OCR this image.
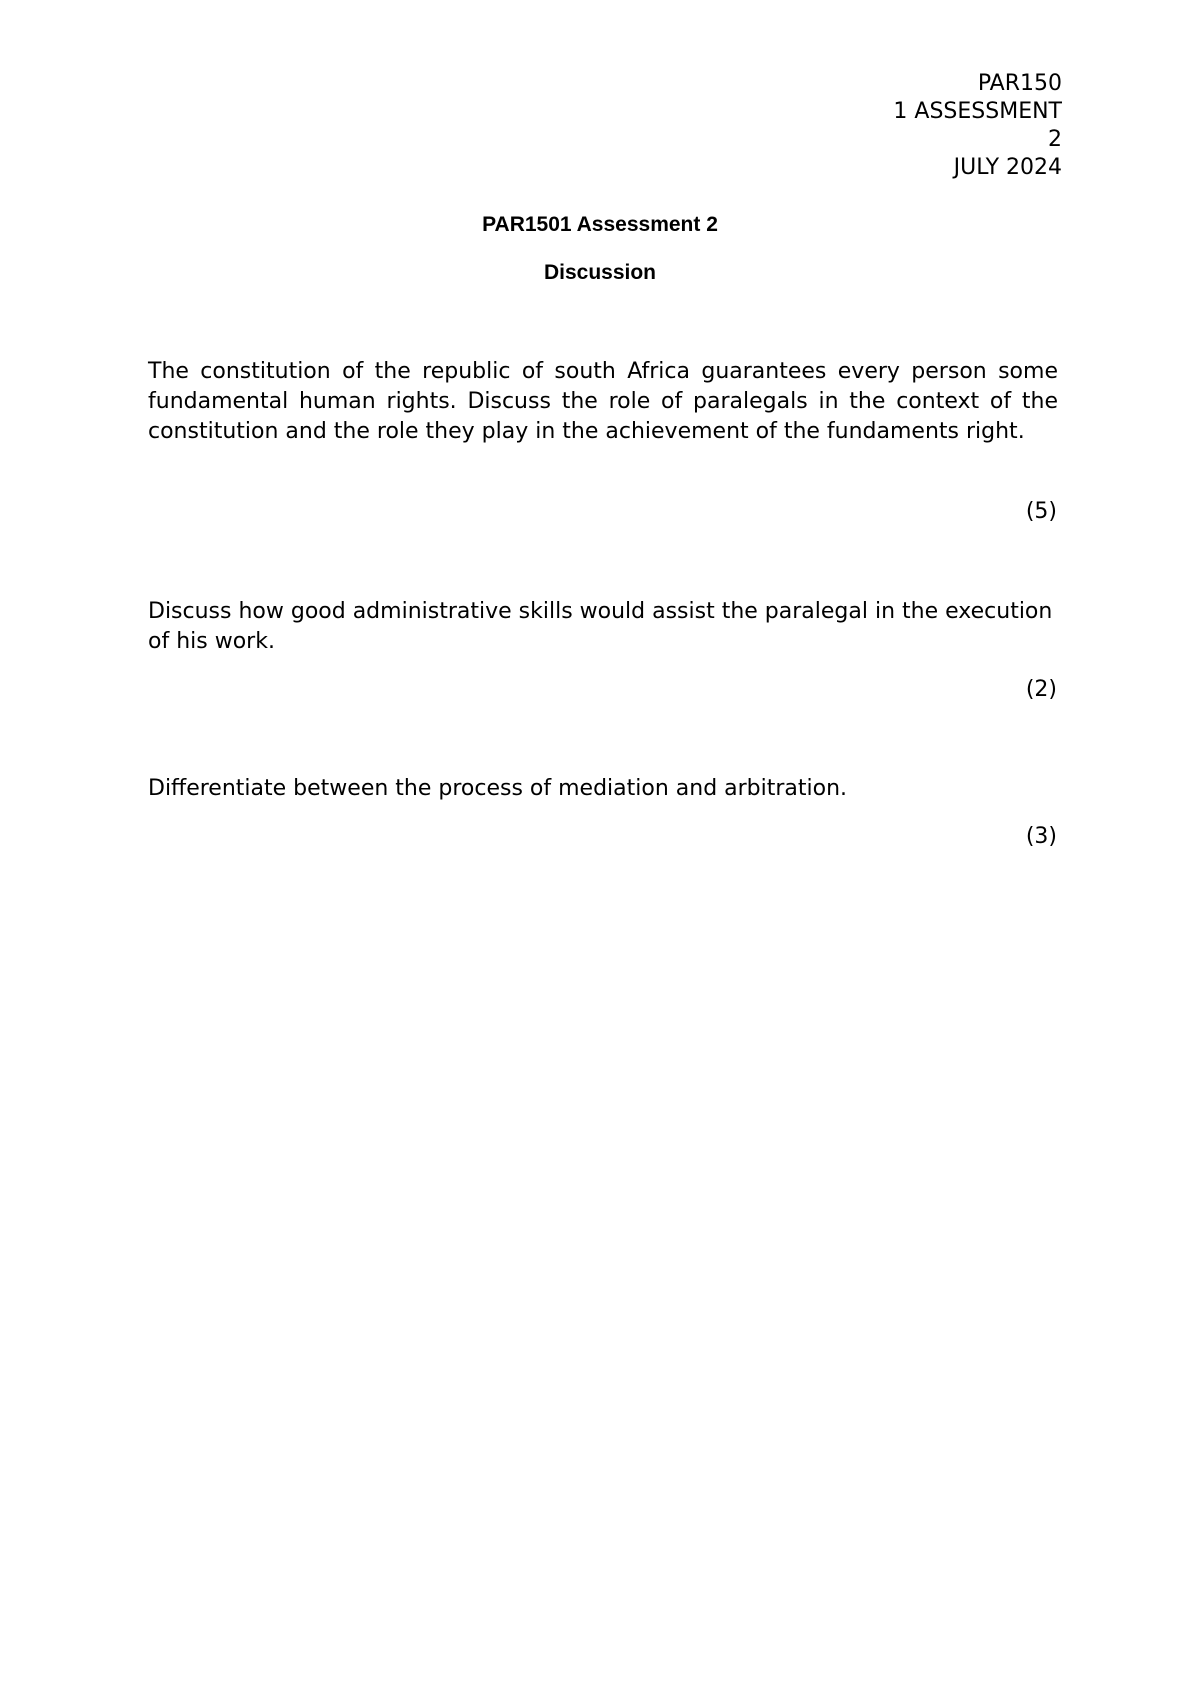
PAR150
1 ASSESSMENT
2
JULY 2024
PAR1501 Assessment 2
Discussion

The constitution of the republic of south Africa guarantees every person some fundamental human rights. Discuss the role of paralegals in the context of the constitution and the role they play in the achievement of the fundaments right.

(5)

Discuss how good administrative skills would assist the paralegal in the execution of his work.

(2)

Differentiate between the process of mediation and arbitration.

(3)
